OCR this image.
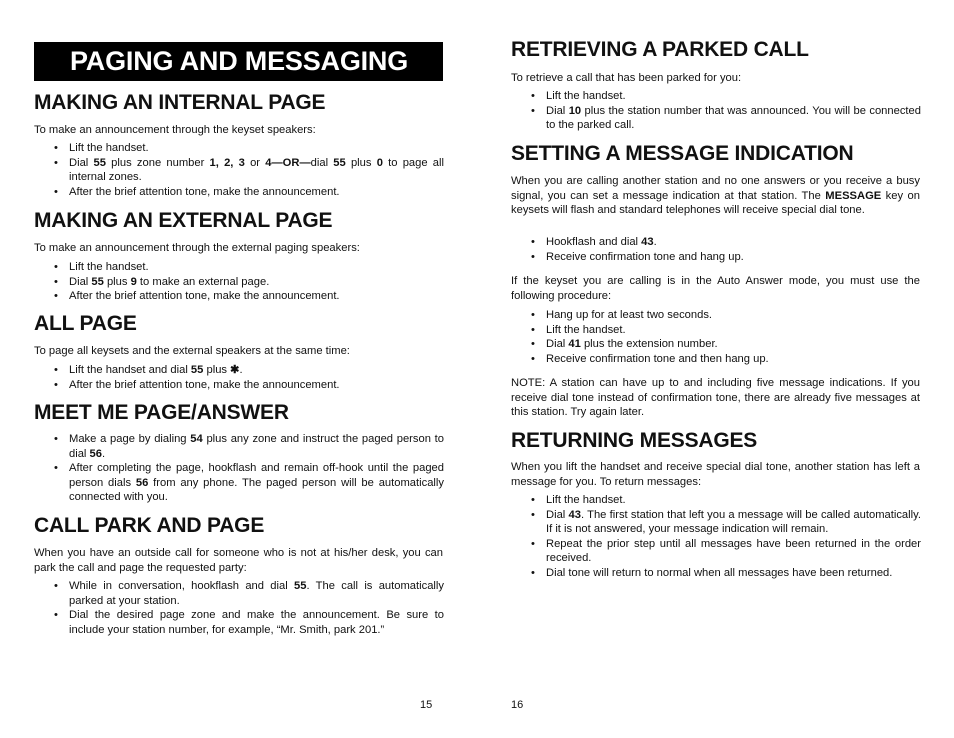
PAGING AND MESSAGING
MAKING AN INTERNAL PAGE
To make an announcement through the keyset speakers:
• Lift the handset.
• Dial 55 plus zone number 1, 2, 3 or 4—OR—dial 55 plus 0 to page all internal zones.
• After the brief attention tone, make the announcement.
MAKING AN EXTERNAL PAGE
To make an announcement through the external paging speakers:
• Lift the handset.
• Dial 55 plus 9 to make an external page.
• After the brief attention tone, make the announcement.
ALL PAGE
To page all keysets and the external speakers at the same time:
• Lift the handset and dial 55 plus ✱.
• After the brief attention tone, make the announcement.
MEET ME PAGE/ANSWER
• Make a page by dialing 54 plus any zone and instruct the paged person to dial 56.
• After completing the page, hookflash and remain off-hook until the paged person dials 56 from any phone. The paged person will be automatically connected with you.
CALL PARK AND PAGE
When you have an outside call for someone who is not at his/her desk, you can park the call and page the requested party:
• While in conversation, hookflash and dial 55. The call is automatically parked at your station.
• Dial the desired page zone and make the announcement. Be sure to include your station number, for example, “Mr. Smith, park 201.”
15
RETRIEVING A PARKED CALL
To retrieve a call that has been parked for you:
• Lift the handset.
• Dial 10 plus the station number that was announced. You will be connected to the parked call.
SETTING A MESSAGE INDICATION
When you are calling another station and no one answers or you receive a busy signal, you can set a message indication at that station. The MESSAGE key on keysets will flash and standard telephones will receive special dial tone.
• Hookflash and dial 43.
• Receive confirmation tone and hang up.
If the keyset you are calling is in the Auto Answer mode, you must use the following procedure:
• Hang up for at least two seconds.
• Lift the handset.
• Dial 41 plus the extension number.
• Receive confirmation tone and then hang up.
NOTE: A station can have up to and including five message indications. If you receive dial tone instead of confirmation tone, there are already five messages at this station. Try again later.
RETURNING MESSAGES
When you lift the handset and receive special dial tone, another station has left a message for you. To return messages:
• Lift the handset.
• Dial 43. The first station that left you a message will be called automatically. If it is not answered, your message indication will remain.
• Repeat the prior step until all messages have been returned in the order received.
• Dial tone will return to normal when all messages have been returned.
16
